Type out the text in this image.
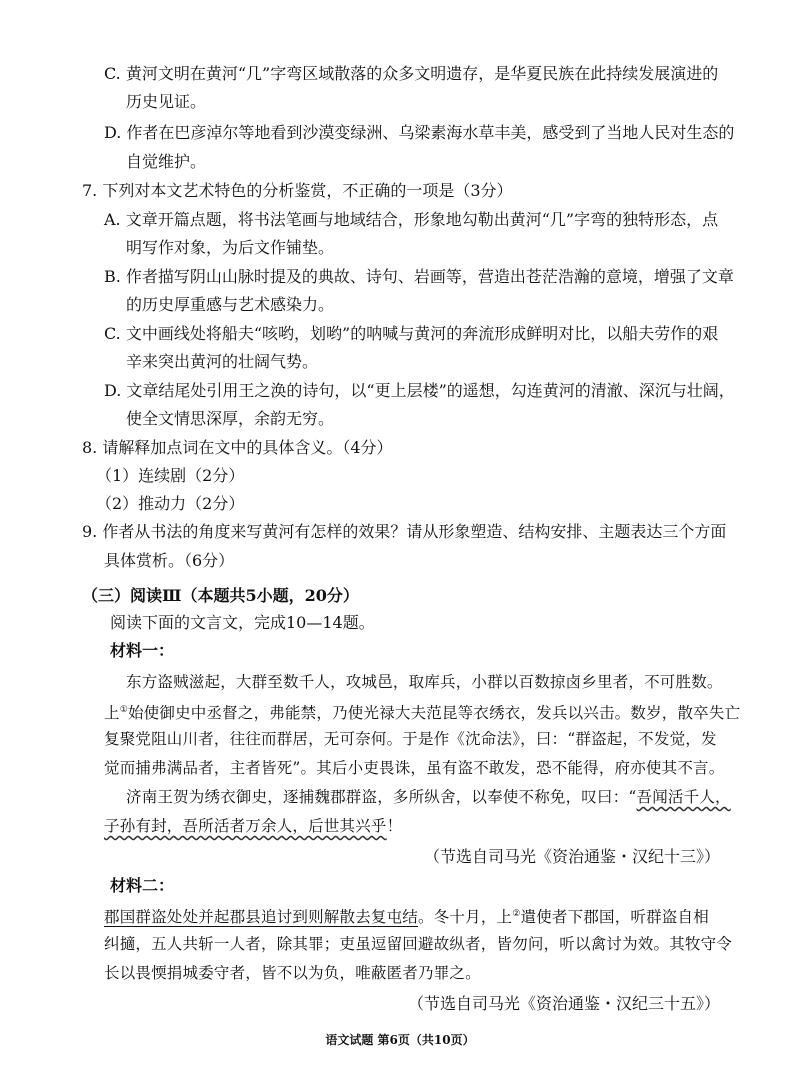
C. 黄河文明在黄河“几”字弯区域散落的众多文明遗存，是华夏民族在此持续发展演进的
历史见证。
D. 作者在巴彦淖尔等地看到沙漠变绿洲、乌梁素海水草丰美，感受到了当地人民对生态的
自觉维护。
7. 下列对本文艺术特色的分析鉴赏，不正确的一项是（3分）
A. 文章开篇点题，将书法笔画与地域结合，形象地勾勒出黄河“几”字弯的独特形态，点
明写作对象，为后文作铺垫。
B. 作者描写阴山山脉时提及的典故、诗句、岩画等，营造出苍茫浩瀚的意境，增强了文章
的历史厚重感与艺术感染力。
C. 文中画线处将船夫“咳哟，划哟”的呐喊与黄河的奔流形成鲜明对比，以船夫劳作的艰
辛来突出黄河的壮阔气势。
D. 文章结尾处引用王之涣的诗句，以“更上层楼”的遥想，勾连黄河的清澈、深沉与壮阔，
使全文情思深厚，余韵无穷。
8. 请解释加点词在文中的具体含义。（4分）
（1）连续剧（2分）
（2）推动力（2分）
9. 作者从书法的角度来写黄河有怎样的效果？请从形象塑造、结构安排、主题表达三个方面
具体赏析。（6分）
（三）阅读Ⅲ（本题共5小题，20分）
阅读下面的文言文，完成10—14题。
材料一：
东方盗贼滋起，大群至数千人，攻城邑，取库兵，小群以百数掠卤乡里者，不可胜数。
上①始使御史中丞督之，弗能禁，乃使光禄大夫范昆等衣绣衣，发兵以兴击。数岁，散卒失亡
复聚党阻山川者，往往而群居，无可奈何。于是作《沈命法》，曰：“群盗起，不发觉，发
觉而捕弗满品者，主者皆死”。其后小吏畏诛，虽有盗不敢发，恐不能得，府亦使其不言。
济南王贺为绣衣御史，逐捕魏郡群盗，多所纵舍，以奉使不称免，叹曰：“吾闻活千人，
子孙有封，吾所活者万余人，后世其兴乎！
（节选自司马光《资治通鉴・汉纪十三》）
材料二：
郡国群盗处处并起郡县追讨到则解散去复屯结。冬十月，上②遣使者下郡国，听群盗自相
纠擿，五人共斩一人者，除其罪；吏虽逗留回避故纵者，皆勿问，听以禽讨为效。其牧守令
长以畏愞捐城委守者，皆不以为负，唯蔽匿者乃罪之。
（节选自司马光《资治通鉴・汉纪三十五》）
语文试题 第6页（共10页）
